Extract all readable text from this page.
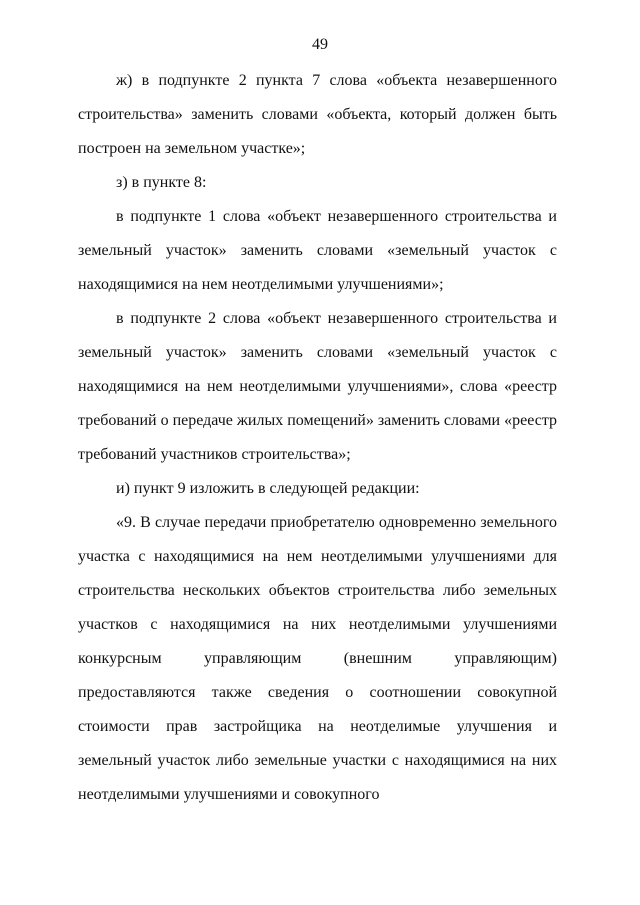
49

ж) в подпункте 2 пункта 7 слова «объекта незавершенного строительства» заменить словами «объекта, который должен быть построен на земельном участке»;

з) в пункте 8:

в подпункте 1 слова «объект незавершенного строительства и земельный участок» заменить словами «земельный участок с находящимися на нем неотделимыми улучшениями»;

в подпункте 2 слова «объект незавершенного строительства и земельный участок» заменить словами «земельный участок с находящимися на нем неотделимыми улучшениями», слова «реестр требований о передаче жилых помещений» заменить словами «реестр требований участников строительства»;

и) пункт 9 изложить в следующей редакции:

«9. В случае передачи приобретателю одновременно земельного участка с находящимися на нем неотделимыми улучшениями для строительства нескольких объектов строительства либо земельных участков с находящимися на них неотделимыми улучшениями конкурсным управляющим (внешним управляющим) предоставляются также сведения о соотношении совокупной стоимости прав застройщика на неотделимые улучшения и земельный участок либо земельные участки с находящимися на них неотделимыми улучшениями и совокупного
